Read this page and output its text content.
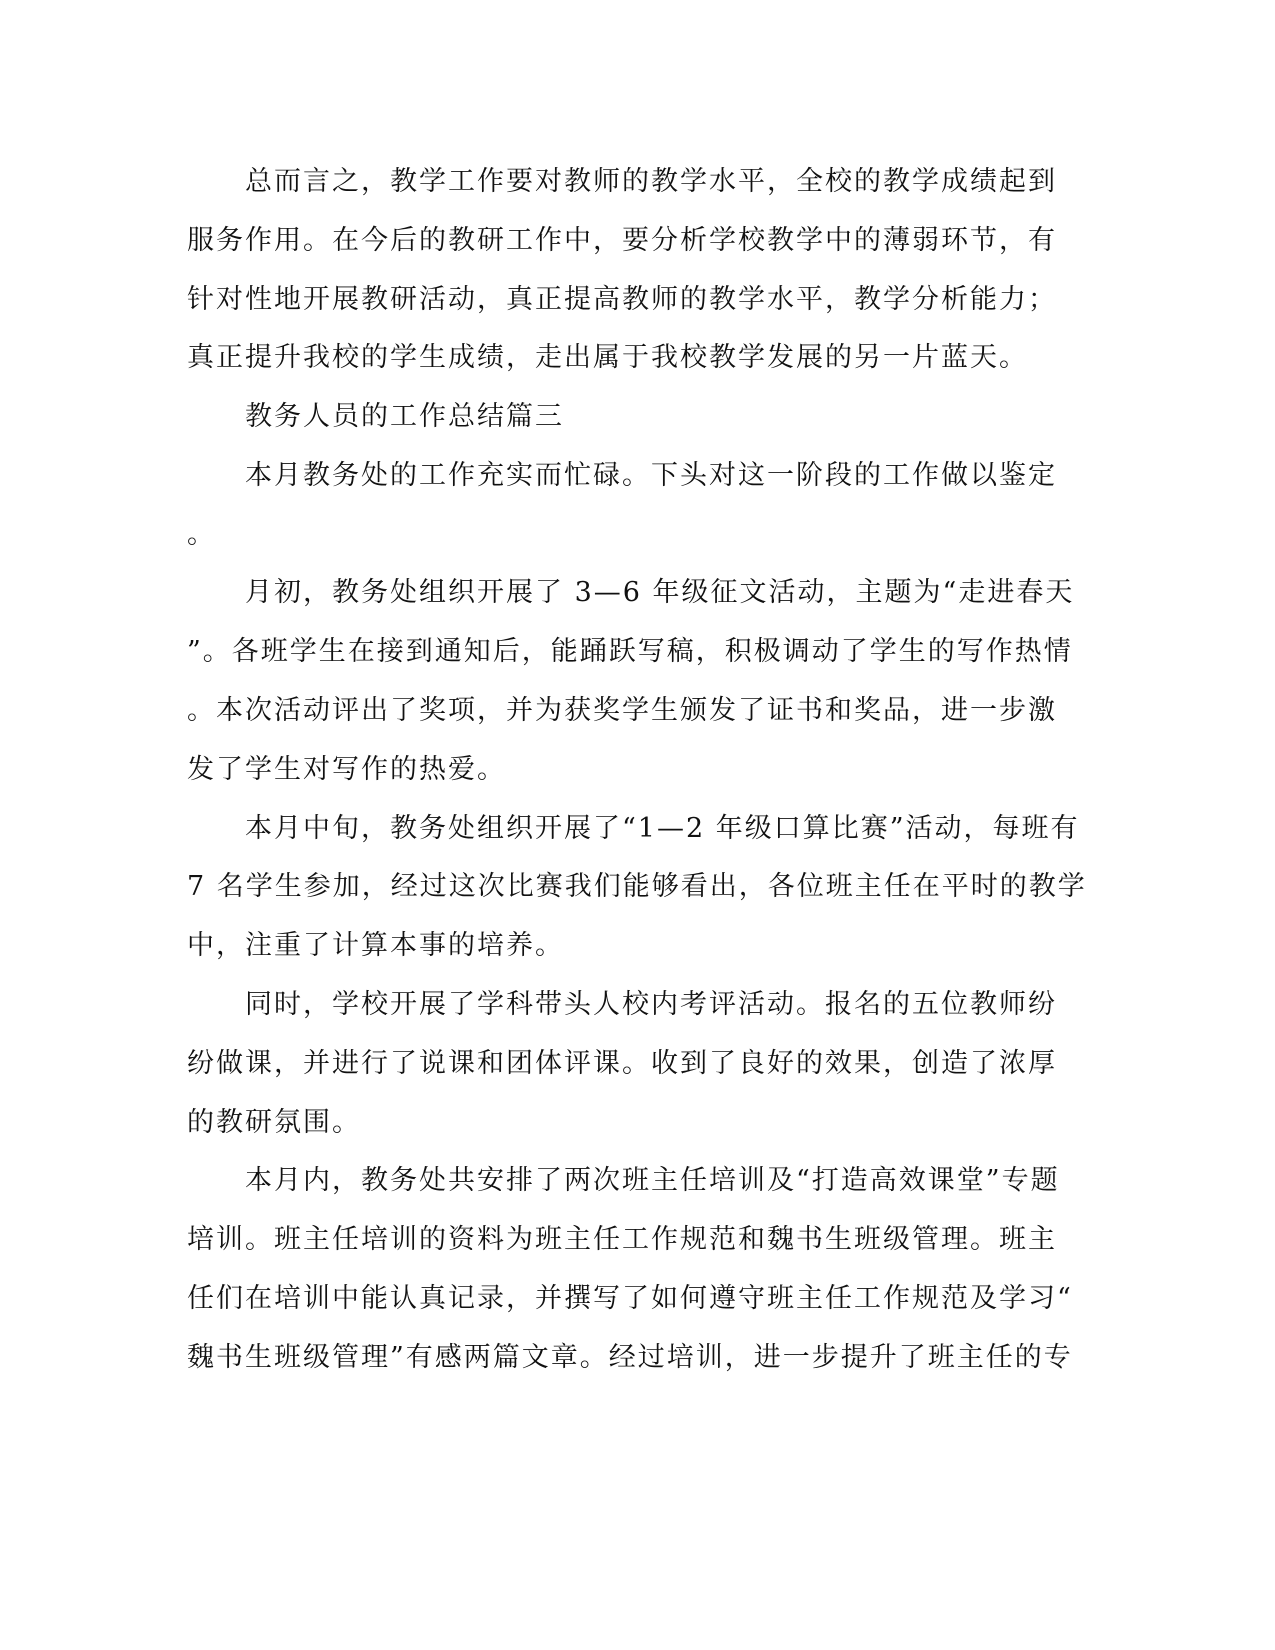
　　总而言之，教学工作要对教师的教学水平，全校的教学成绩起到
服务作用。在今后的教研工作中，要分析学校教学中的薄弱环节，有
针对性地开展教研活动，真正提高教师的教学水平，教学分析能力；
真正提升我校的学生成绩，走出属于我校教学发展的另一片蓝天。
　　教务人员的工作总结篇三
　　本月教务处的工作充实而忙碌。下头对这一阶段的工作做以鉴定
。
　　月初，教务处组织开展了 3—6 年级征文活动，主题为“走进春天
”。各班学生在接到通知后，能踊跃写稿，积极调动了学生的写作热情
。本次活动评出了奖项，并为获奖学生颁发了证书和奖品，进一步激
发了学生对写作的热爱。
　　本月中旬，教务处组织开展了“1—2 年级口算比赛”活动，每班有
7 名学生参加，经过这次比赛我们能够看出，各位班主任在平时的教学
中，注重了计算本事的培养。
　　同时，学校开展了学科带头人校内考评活动。报名的五位教师纷
纷做课，并进行了说课和团体评课。收到了良好的效果，创造了浓厚
的教研氛围。
　　本月内，教务处共安排了两次班主任培训及“打造高效课堂”专题
培训。班主任培训的资料为班主任工作规范和魏书生班级管理。班主
任们在培训中能认真记录，并撰写了如何遵守班主任工作规范及学习“
魏书生班级管理”有感两篇文章。经过培训，进一步提升了班主任的专
